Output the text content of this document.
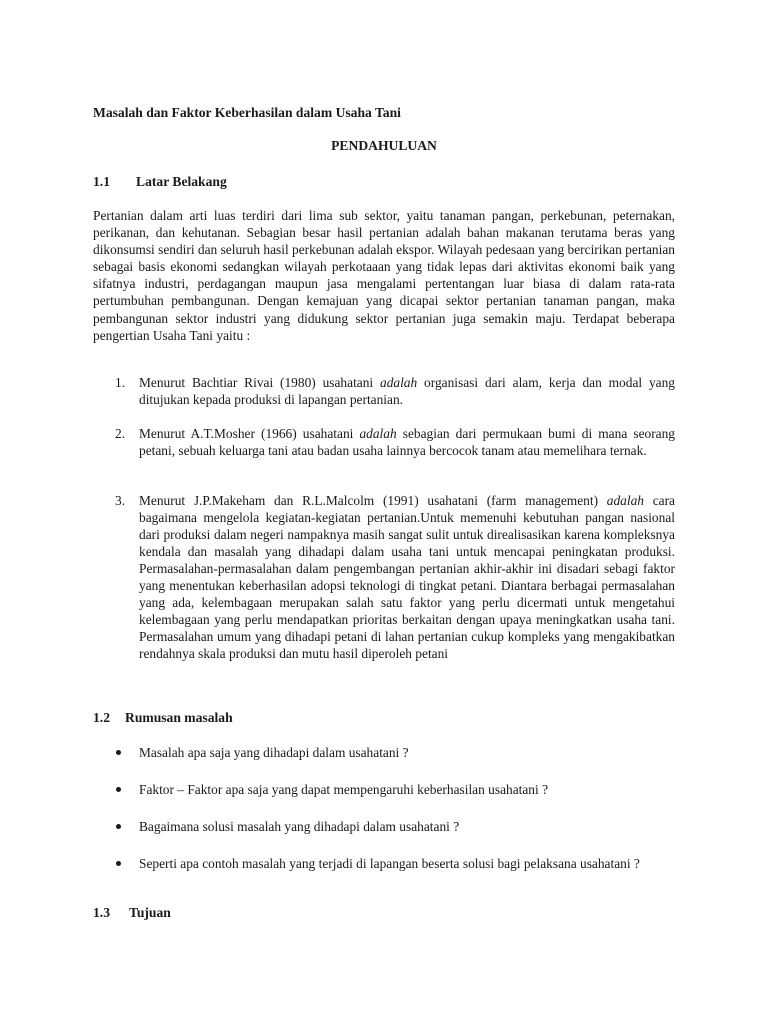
Masalah dan Faktor Keberhasilan dalam Usaha Tani

PENDAHULUAN

1.1 Latar Belakang

Pertanian dalam arti luas terdiri dari lima sub sektor, yaitu tanaman pangan, perkebunan, peternakan, perikanan, dan kehutanan. Sebagian besar hasil pertanian adalah bahan makanan terutama beras yang dikonsumsi sendiri dan seluruh hasil perkebunan adalah ekspor. Wilayah pedesaan yang bercirikan pertanian sebagai basis ekonomi sedangkan wilayah perkotaaan yang tidak lepas dari aktivitas ekonomi baik yang sifatnya industri, perdagangan maupun jasa mengalami pertentangan luar biasa di dalam rata-rata pertumbuhan pembangunan. Dengan kemajuan yang dicapai sektor pertanian tanaman pangan, maka pembangunan sektor industri yang didukung sektor pertanian juga semakin maju. Terdapat beberapa pengertian Usaha Tani yaitu :

1. Menurut Bachtiar Rivai (1980) usahatani adalah organisasi dari alam, kerja dan modal yang ditujukan kepada produksi di lapangan pertanian.
2. Menurut A.T.Mosher (1966) usahatani adalah sebagian dari permukaan bumi di mana seorang petani, sebuah keluarga tani atau badan usaha lainnya bercocok tanam atau memelihara ternak.
3. Menurut J.P.Makeham dan R.L.Malcolm (1991) usahatani (farm management) adalah cara bagaimana mengelola kegiatan-kegiatan pertanian.Untuk memenuhi kebutuhan pangan nasional dari produksi dalam negeri nampaknya masih sangat sulit untuk direalisasikan karena kompleksnya kendala dan masalah yang dihadapi dalam usaha tani untuk mencapai peningkatan produksi. Permasalahan-permasalahan dalam pengembangan pertanian akhir-akhir ini disadari sebagi faktor yang menentukan keberhasilan adopsi teknologi di tingkat petani. Diantara berbagai permasalahan yang ada, kelembagaan merupakan salah satu faktor yang perlu dicermati untuk mengetahui kelembagaan yang perlu mendapatkan prioritas berkaitan dengan upaya meningkatkan usaha tani. Permasalahan umum yang dihadapi petani di lahan pertanian cukup kompleks yang mengakibatkan rendahnya skala produksi dan mutu hasil diperoleh petani

1.2 Rumusan masalah

Masalah apa saja yang dihadapi dalam usahatani ?
Faktor – Faktor apa saja yang dapat mempengaruhi keberhasilan usahatani ?
Bagaimana solusi masalah yang dihadapi dalam usahatani ?
Seperti apa contoh masalah yang terjadi di lapangan beserta solusi bagi pelaksana usahatani ?

1.3 Tujuan
